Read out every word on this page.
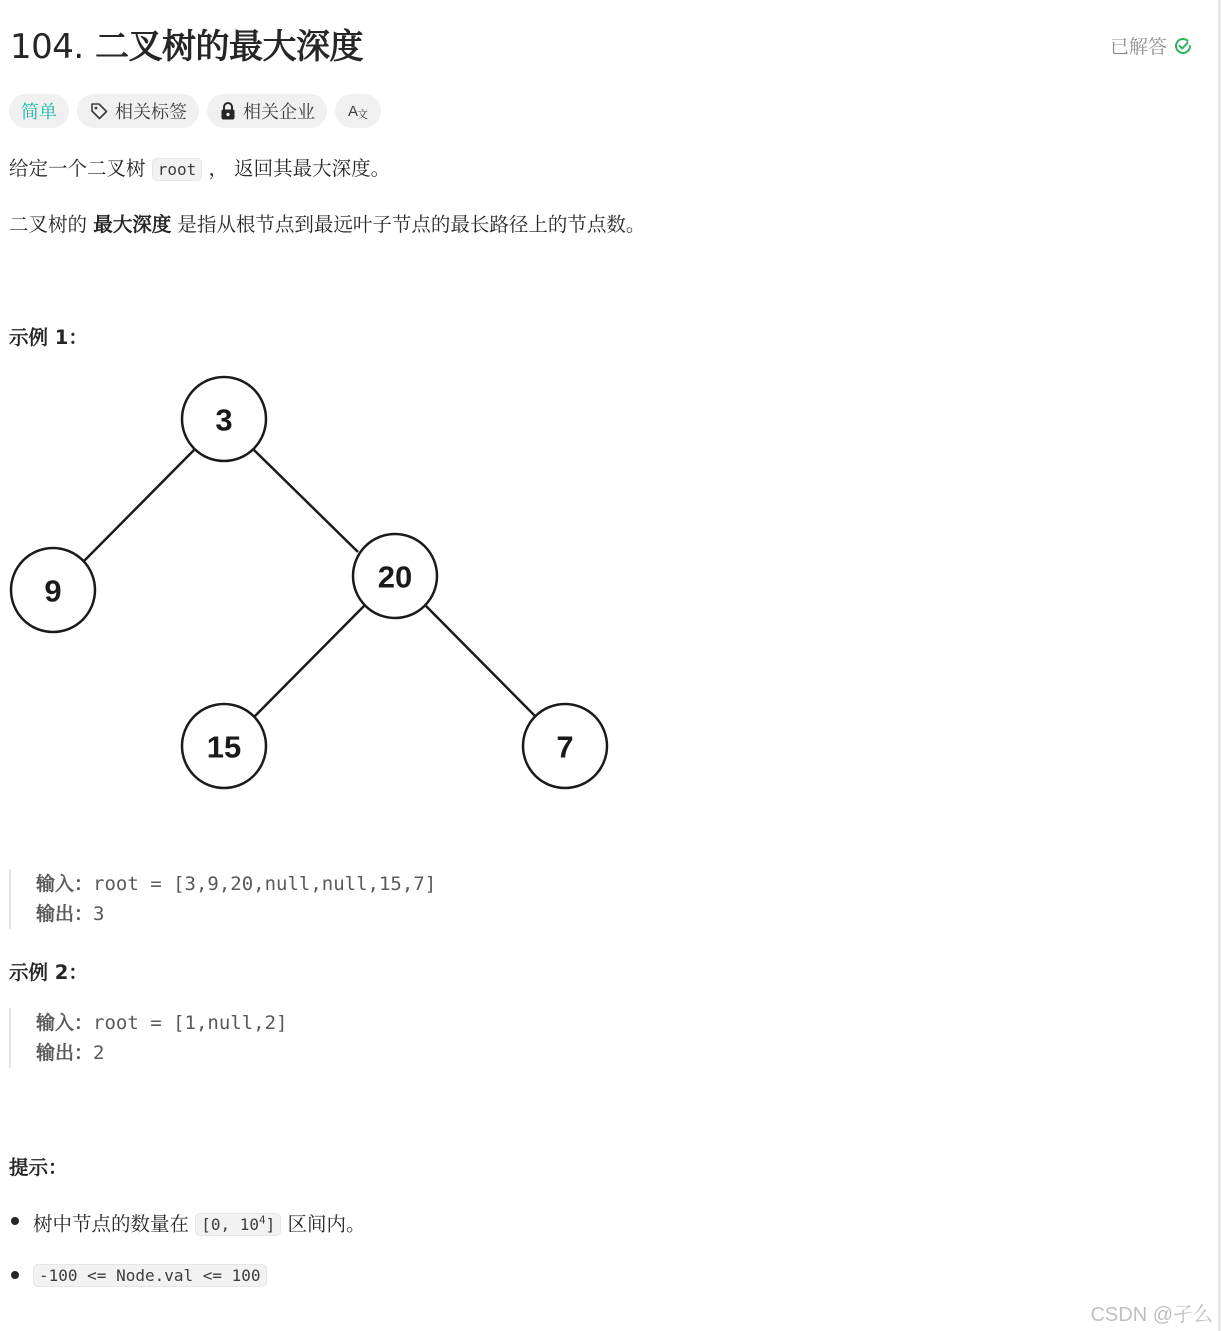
104. 二叉树的最大深度	已解答
简单	相关标签	相关企业 A
文
给定一个二叉树 root ， 返回其最大深度。
二叉树的 最大深度 是指从根节点到最远叶子节点的最长路径上的节点数。
示例 1：
3
9	20
15	7
输入：root = [3,9,20,null,null,15,7]
输出：3
示例 2：
输入：root = [1,null,2]
输出：2
提示：
树中节点的数量在 [0, $10^4$] 区间内。
-100 <= Node.val <= 100
CSDN @孑么
